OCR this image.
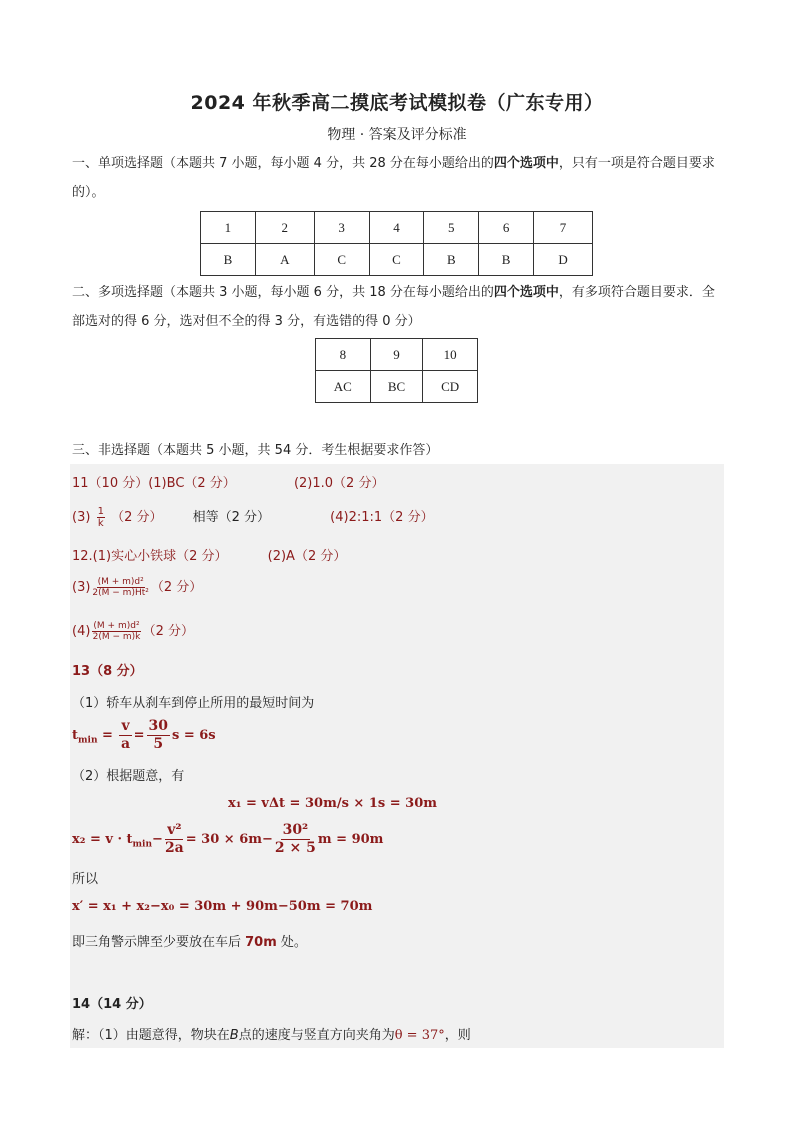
2024 年秋季高二摸底考试模拟卷（广东专用）
物理 · 答案及评分标准
一、单项选择题（本题共 7 小题，每小题 4 分，共 28 分在每小题给出的四个选项中，只有一项是符合题目要求的）。
1	2	3	4	5	6	7
B	A	C	C	B	B	D
二、多项选择题（本题共 3 小题，每小题 6 分，共 18 分在每小题给出的四个选项中，有多项符合题目要求．全部选对的得 6 分，选对但不全的得 3 分，有选错的得 0 分）
8	9	10
AC	BC	CD
三、非选择题（本题共 5 小题，共 54 分．考生根据要求作答）
11（10 分）(1)BC（2 分）	(2)1.0（2 分）
$(3) \frac{1}{k} (2$ 分） 相等（2 分）	(4)2:1:1（2 分）
12.(1)实心小铁球（2 分）	(2)A（2 分）
$(3) \frac{\text{(M + m)d²}}{\text{2(M − m)Ht²}} (2$ 分）
$(4) \frac{\text{(M + m)d²}}{2(M - m)k} (2$ 分）
13（8 分）
（1）轿车从刹车到停止所用的最短时间为
$t_{min} = \frac{v}{a} = \frac{30}{5}$ s = 6s
（2）根据题意，有
x₁ = vΔt = 30m/s × 1s = 30m
$x_2 = v \cdot t_{min}- \frac{\text{v²}}{2a} = 30 \times 6m- \frac{\text{30²}}{2 \times 5}$ m = 90m
所以
x′ = x₁ + x₂−x₀ = 30m + 90m−50m = 70m
即三角警示牌至少要放在车后 70m 处。
14（14 分）
解：（1）由题意得，物块在B点的速度与竖直方向夹角为θ = 37°，则
